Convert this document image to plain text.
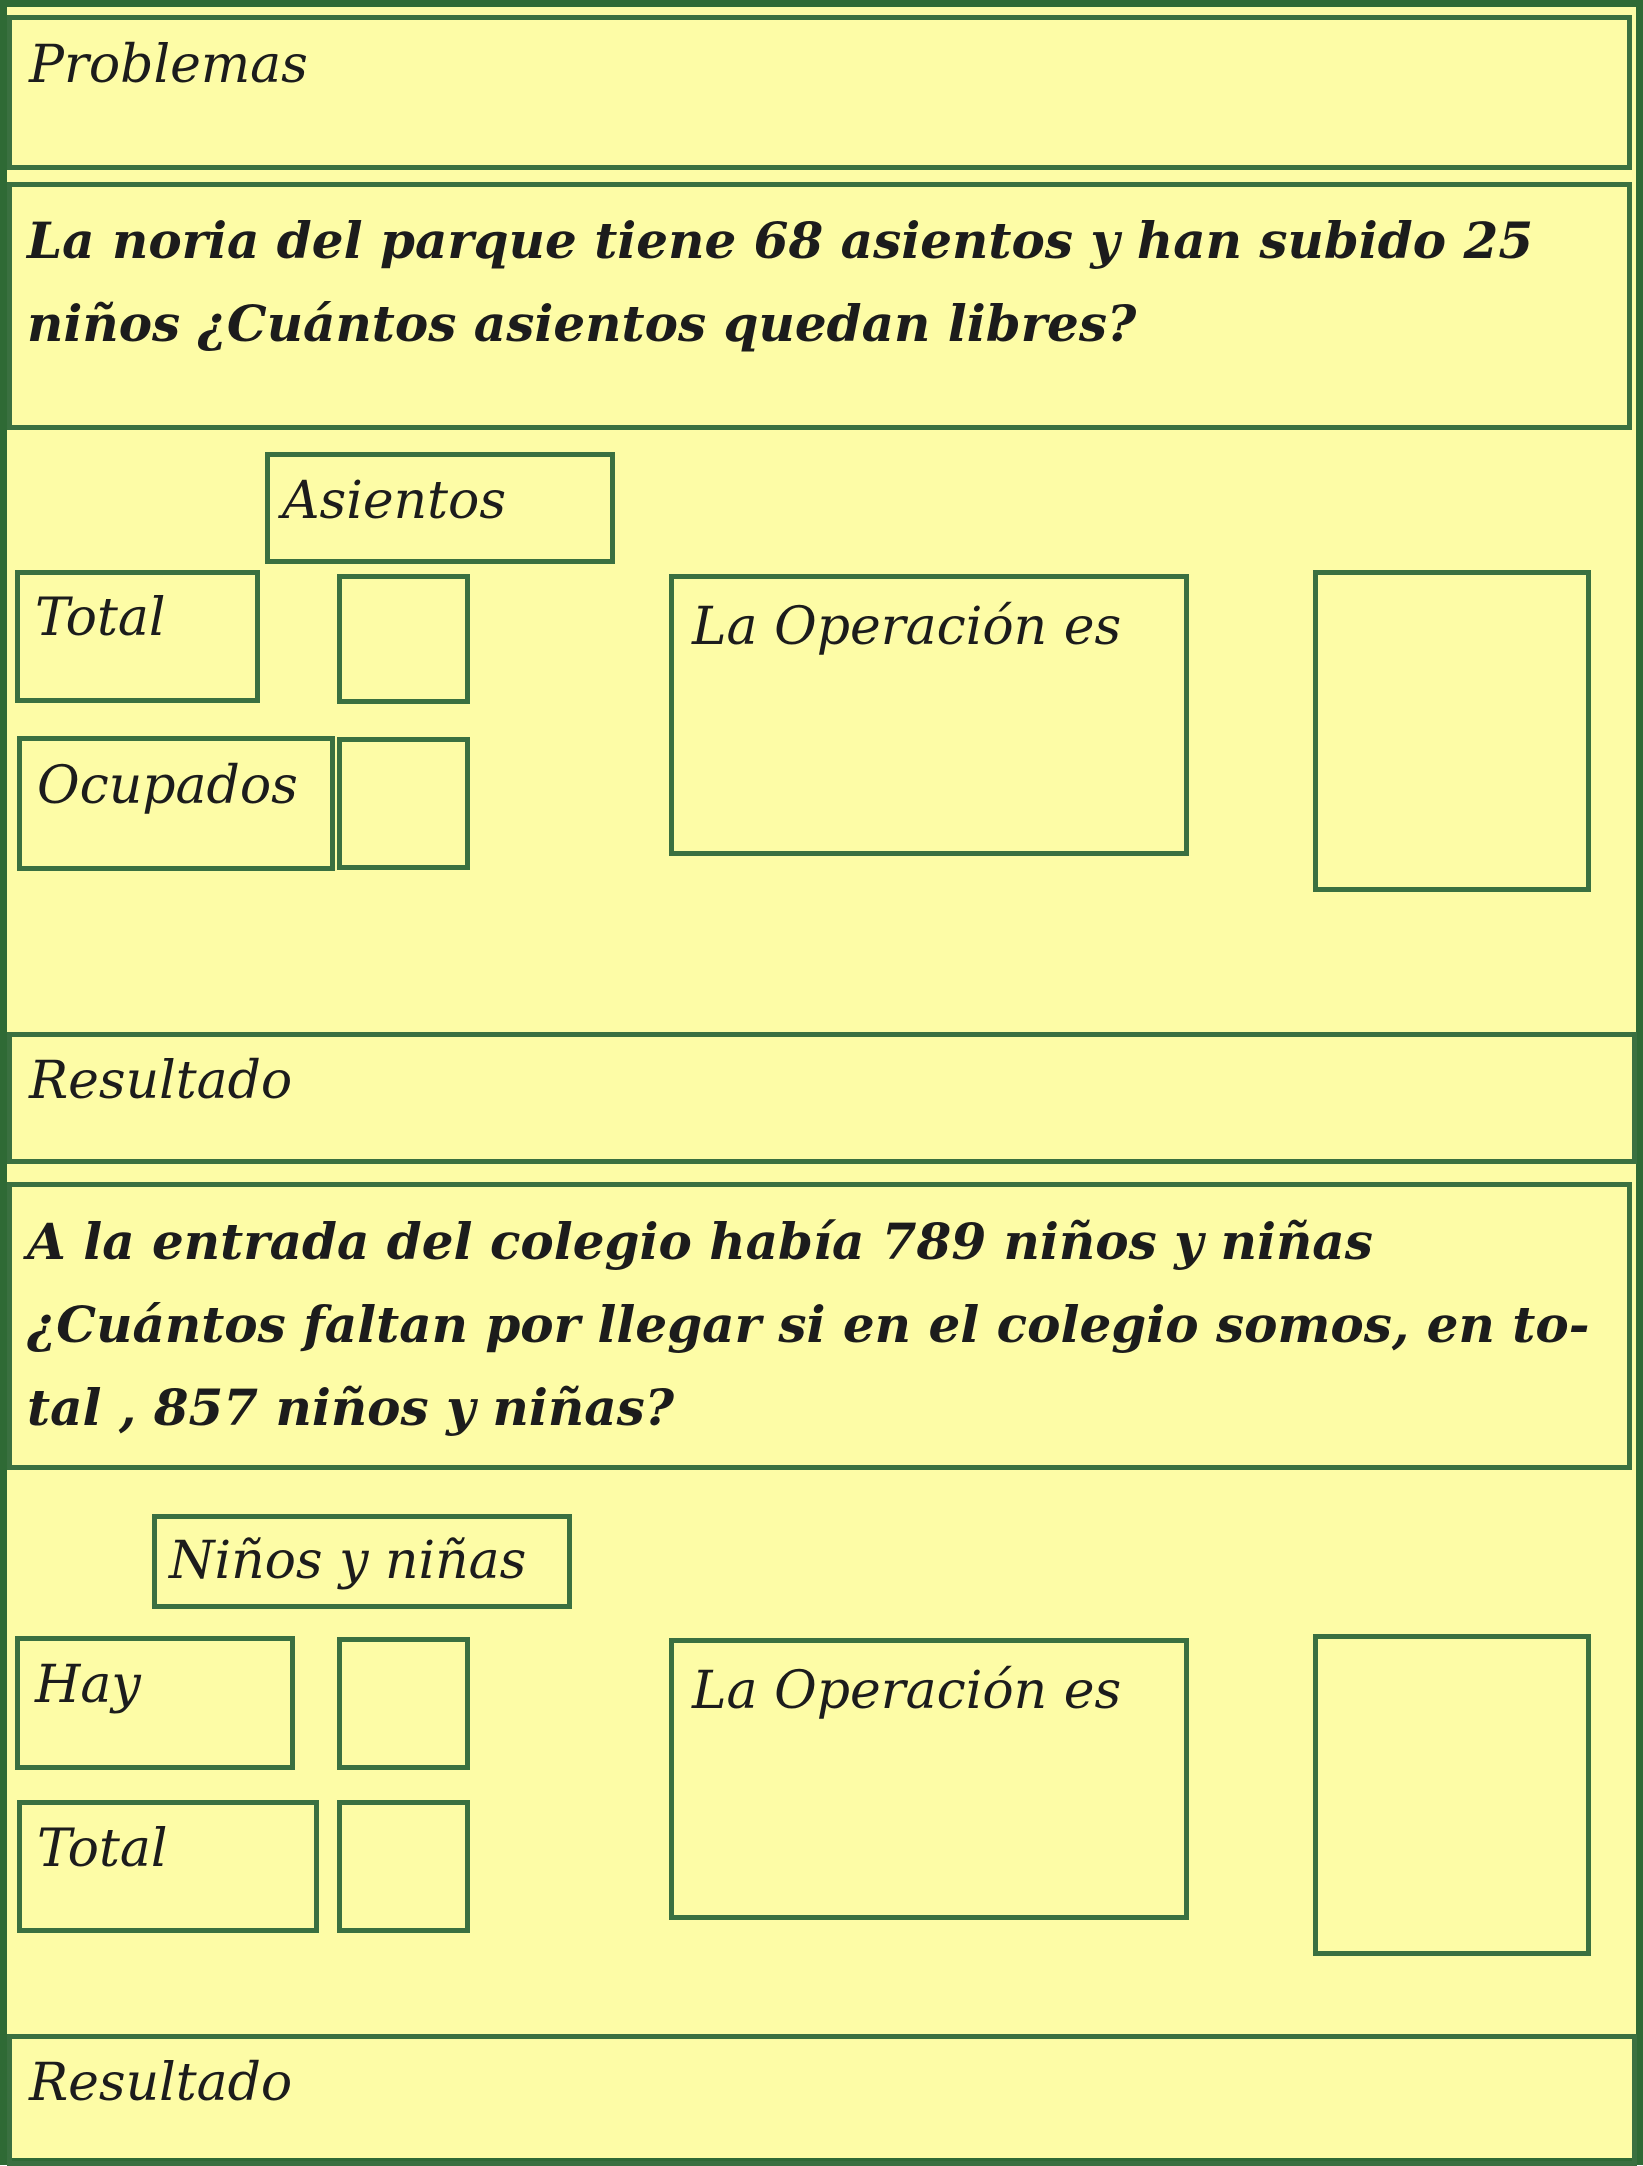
Problemas
La noria del parque tiene 68 asientos y han subido 25
niños ¿Cuántos asientos quedan libres?
Asientos
Total
Ocupados
La Operación es
Resultado
A la entrada del colegio había 789 niños y niñas
¿Cuántos faltan por llegar si en el colegio somos, en to-
tal , 857 niños y niñas?
Niños y niñas
Hay
Total
La Operación es
Resultado
